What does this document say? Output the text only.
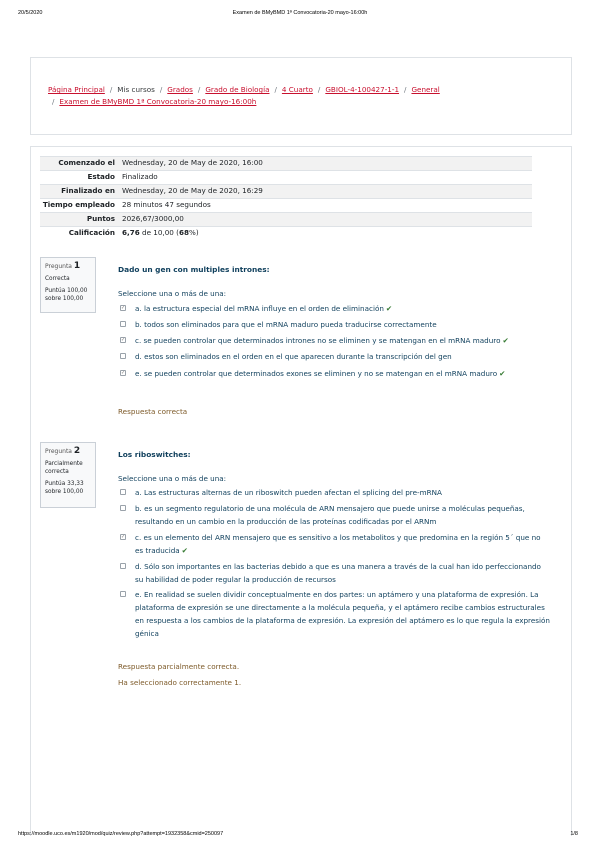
20/5/2020	Examen de BMyBMD 1ª Convocatoria-20 mayo-16:00h
Página Principal / Mis cursos / Grados / Grado de Biología / 4 Cuarto / GBIOL-4-100427-1-1 / General
/ Examen de BMyBMD 1ª Convocatoria-20 mayo-16:00h
Comenzado el	Wednesday, 20 de May de 2020, 16:00
Estado	Finalizado
Finalizado en	Wednesday, 20 de May de 2020, 16:29
Tiempo empleado	28 minutos 47 segundos
Puntos	2026,67/3000,00
Calificación	6,76 de 10,00 (68%)
Pregunta 1
Correcta
Puntúa 100,00 sobre 100,00
Dado un gen con multiples intrones:
Seleccione una o más de una:
✓ a. la estructura especial del mRNA influye en el orden de eliminación ✔
b. todos son eliminados para que el mRNA maduro pueda traducirse correctamente
✓ c. se pueden controlar que determinados intrones no se eliminen y se matengan en el mRNA maduro ✔
d. estos son eliminados en el orden en el que aparecen durante la transcripción del gen
✓ e. se pueden controlar que determinados exones se eliminen y no se matengan en el mRNA maduro ✔
Respuesta correcta
Pregunta 2
Parcialmente correcta
Puntúa 33,33 sobre 100,00
Los riboswitches:
Seleccione una o más de una:
a. Las estructuras alternas de un riboswitch pueden afectan el splicing del pre-mRNA
b. es un segmento regulatorio de una molécula de ARN mensajero que puede unirse a moléculas pequeñas, resultando en un cambio en la producción de las proteínas codificadas por el ARNm
✓ c. es un elemento del ARN mensajero que es sensitivo a los metabolitos y que predomina en la región 5´ que no es traducida ✔
d. Sólo son importantes en las bacterias debido a que es una manera a través de la cual han ido perfeccionando su habilidad de poder regular la producción de recursos
e. En realidad se suelen dividir conceptualmente en dos partes: un aptámero y una plataforma de expresión. La plataforma de expresión se une directamente a la molécula pequeña, y el aptámero recibe cambios estructurales en respuesta a los cambios de la plataforma de expresión. La expresión del aptámero es lo que regula la expresión génica
Respuesta parcialmente correcta.
Ha seleccionado correctamente 1.
https://moodle.uco.es/m1920/mod/quiz/review.php?attempt=1932358&cmid=250097	1/8
